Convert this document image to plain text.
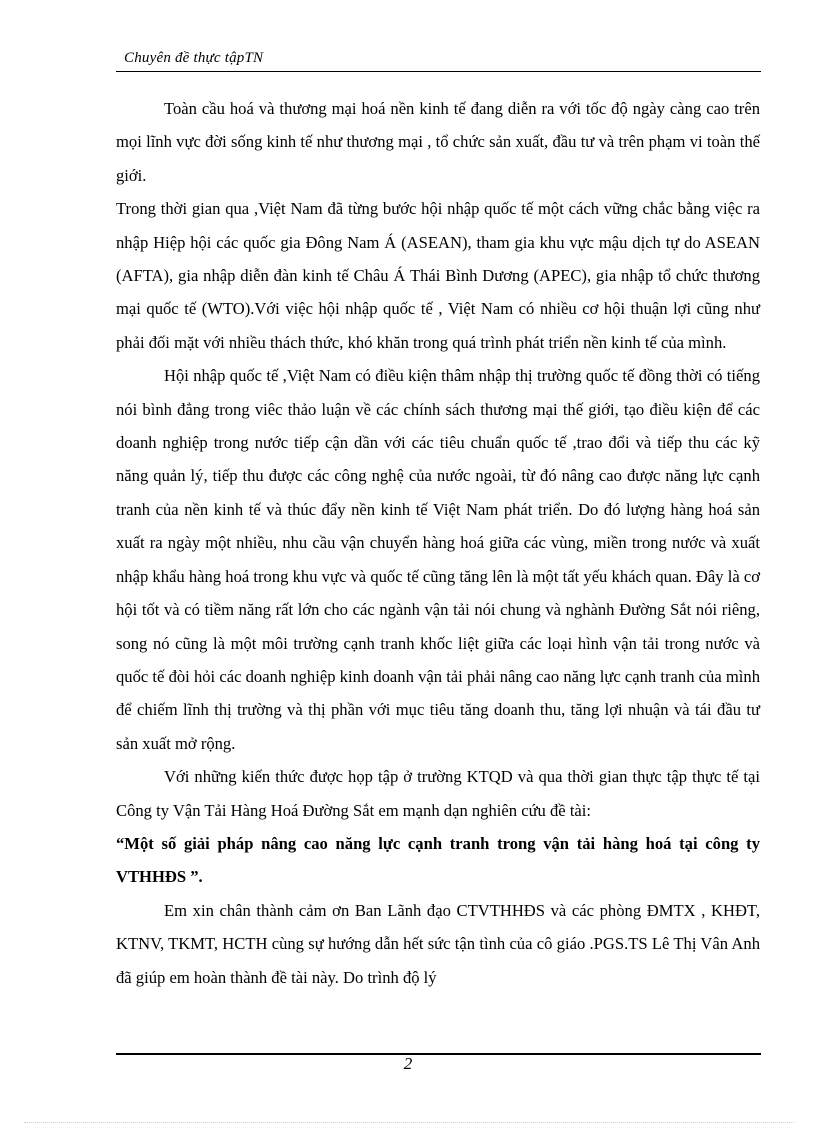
Chuyên đề thực tậpTN

Toàn cầu hoá và thương mại hoá nền kinh tế đang diễn ra với tốc độ ngày càng cao trên mọi lĩnh vực đời sống kinh tế như thương mại , tổ chức sản xuất, đầu tư và trên phạm vi toàn thế giới.

Trong thời gian qua ,Việt Nam đã từng bước hội nhập quốc tế một cách vững chắc bằng việc ra nhập Hiệp hội các quốc gia Đông Nam Á (ASEAN), tham gia khu vực mậu dịch tự do ASEAN (AFTA), gia nhập diễn đàn kinh tế Châu Á Thái Bình Dương (APEC), gia nhập tổ chức thương mại quốc tế (WTO).Với việc hội nhập quốc tế , Việt Nam có nhiều cơ hội thuận lợi cũng như phải đối mặt với nhiều thách thức, khó khăn trong quá trình phát triển nền kinh tế của mình.

Hội nhập quốc tế ,Việt Nam có điều kiện thâm nhập thị trường quốc tế đồng thời có tiếng nói bình đẳng trong viêc thảo luận về các chính sách thương mại thế giới, tạo điều kiện để các doanh nghiệp trong nước tiếp cận dần với các tiêu chuẩn quốc tế ,trao đổi và tiếp thu các kỹ năng quản lý, tiếp thu được các công nghệ của nước ngoài, từ đó nâng cao được năng lực cạnh tranh của nền kinh tế và thúc đẩy nền kinh tế Việt Nam phát triển. Do đó lượng hàng hoá sản xuất ra ngày một nhiều, nhu cầu vận chuyển hàng hoá giữa các vùng, miền trong nước và xuất nhập khẩu hàng hoá trong khu vực và quốc tế cũng tăng lên là một tất yếu khách quan. Đây là cơ hội tốt và có tiềm năng rất lớn cho các ngành vận tải nói chung và nghành Đường Sắt nói riêng, song nó cũng là một môi trường cạnh tranh khốc liệt giữa các loại hình vận tải trong nước và quốc tế đòi hỏi các doanh nghiệp kinh doanh vận tải phải nâng cao năng lực cạnh tranh của mình để chiếm lĩnh thị trường và thị phần với mục tiêu tăng doanh thu, tăng lợi nhuận và tái đầu tư sản xuất mở rộng.

Với những kiến thức được họp tập ở trường KTQD và qua thời gian thực tập thực tế tại Công ty Vận Tải Hàng Hoá Đường Sắt em mạnh dạn nghiên cứu đề tài:
“Một số giải pháp nâng cao năng lực cạnh tranh trong vận tải hàng hoá tại công ty VTHHĐS ”.

Em xin chân thành cảm ơn Ban Lãnh đạo CTVTHHĐS và các phòng ĐMTX , KHĐT, KTNV, TKMT, HCTH cùng sự hướng dẫn hết sức tận tình của cô giáo .PGS.TS Lê Thị Vân Anh đã giúp em hoàn thành đề tài này. Do trình độ lý

2
